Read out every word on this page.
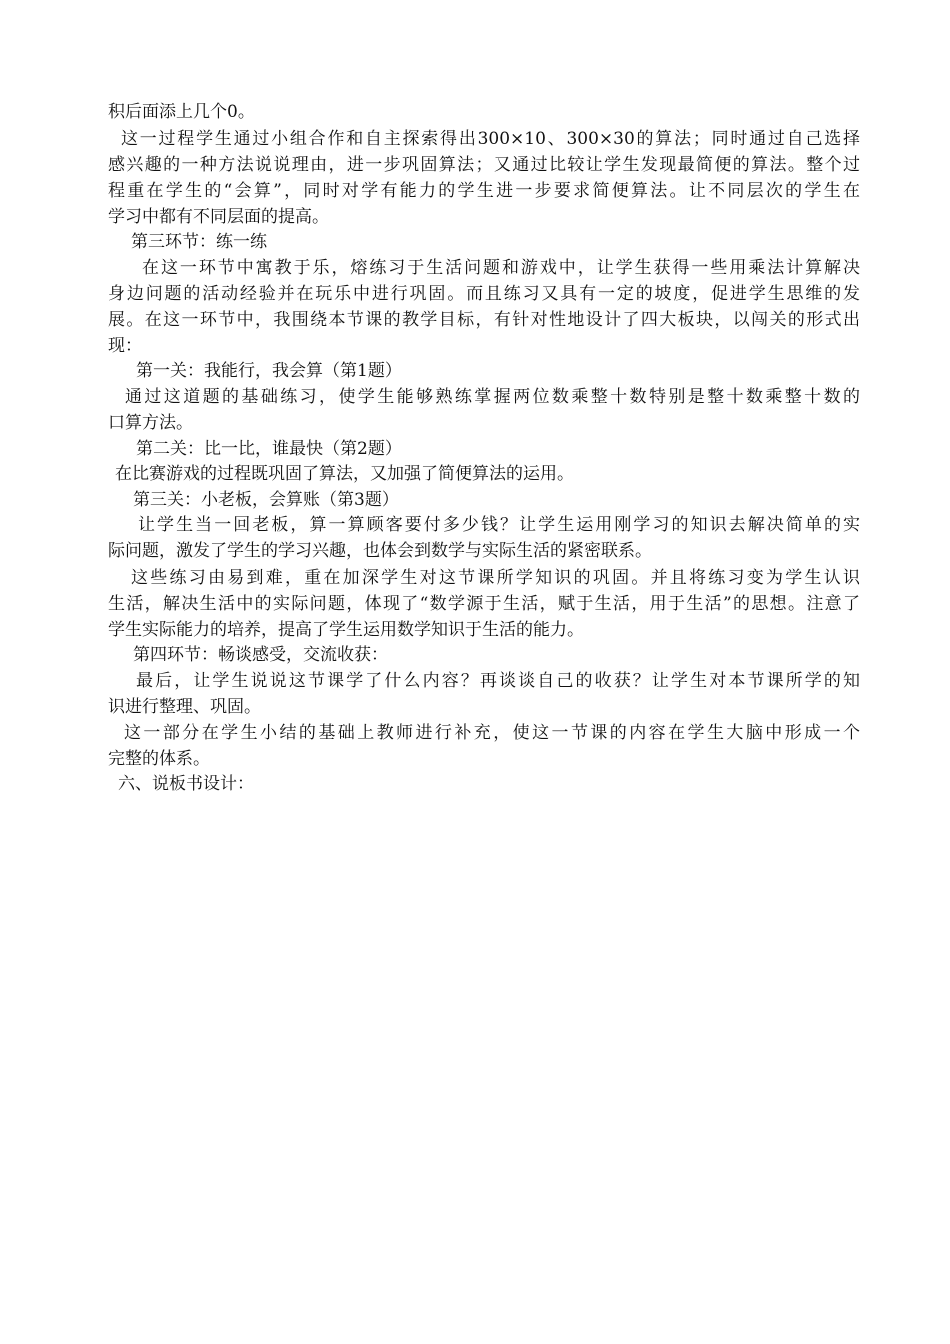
积后面添上几个0。
这一过程学生通过小组合作和自主探索得出300×10、300×30的算法；同时通过自己选择
感兴趣的一种方法说说理由，进一步巩固算法；又通过比较让学生发现最简便的算法。整个过
程重在学生的“会算”，同时对学有能力的学生进一步要求简便算法。让不同层次的学生在
学习中都有不同层面的提高。
第三环节：练一练
在这一环节中寓教于乐，熔练习于生活问题和游戏中，让学生获得一些用乘法计算解决
身边问题的活动经验并在玩乐中进行巩固。而且练习又具有一定的坡度，促进学生思维的发
展。在这一环节中，我围绕本节课的教学目标，有针对性地设计了四大板块，以闯关的形式出
现：
第一关：我能行，我会算（第1题）
通过这道题的基础练习，使学生能够熟练掌握两位数乘整十数特别是整十数乘整十数的
口算方法。
第二关：比一比，谁最快（第2题）
在比赛游戏的过程既巩固了算法，又加强了简便算法的运用。
第三关：小老板，会算账（第3题）
让学生当一回老板，算一算顾客要付多少钱？让学生运用刚学习的知识去解决简单的实
际问题，激发了学生的学习兴趣，也体会到数学与实际生活的紧密联系。
这些练习由易到难，重在加深学生对这节课所学知识的巩固。并且将练习变为学生认识
生活，解决生活中的实际问题，体现了“数学源于生活，赋于生活，用于生活”的思想。注意了
学生实际能力的培养，提高了学生运用数学知识于生活的能力。
第四环节：畅谈感受，交流收获：
最后，让学生说说这节课学了什么内容？再谈谈自己的收获？让学生对本节课所学的知
识进行整理、巩固。
这一部分在学生小结的基础上教师进行补充，使这一节课的内容在学生大脑中形成一个
完整的体系。
六、说板书设计：
